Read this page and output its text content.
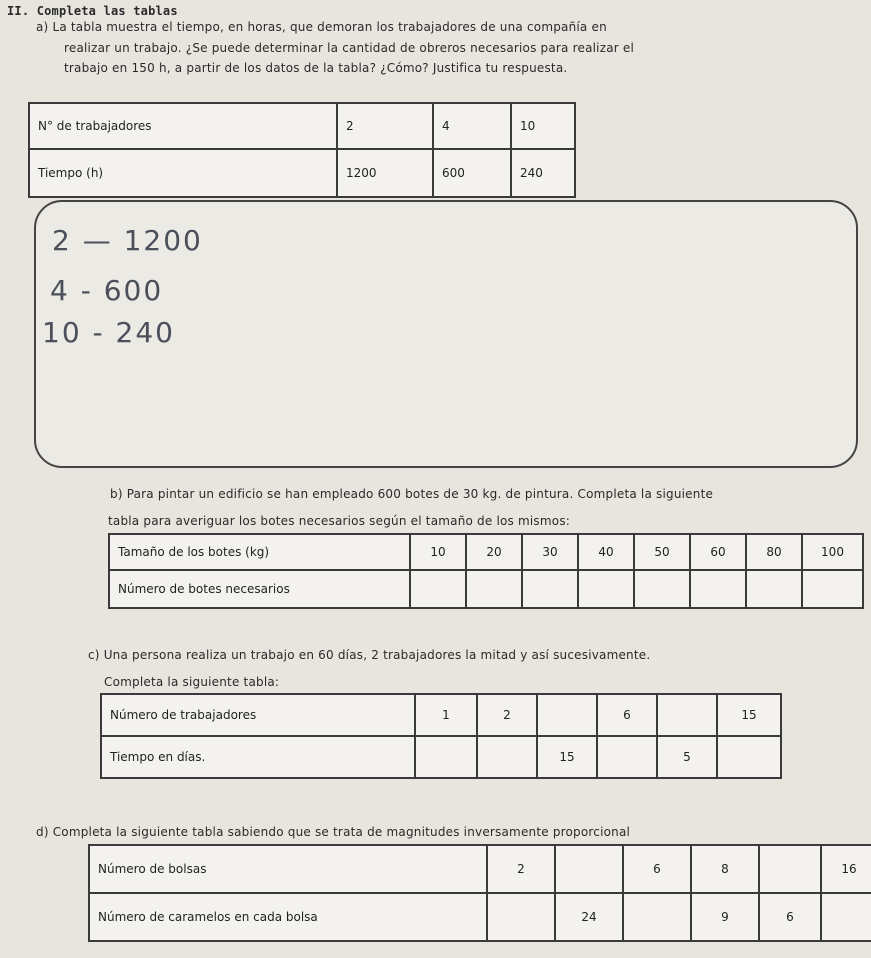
II. Completa las tablas
a) La tabla muestra el tiempo, en horas, que demoran los trabajadores de una compañía en
realizar un trabajo. ¿Se puede determinar la cantidad de obreros necesarios para realizar el
trabajo en 150 h, a partir de los datos de la tabla? ¿Cómo? Justifica tu respuesta.
N° de trabajadores	2	4	10
Tiempo (h)	1200	600	240
2 — 1200
4 - 600
10 - 240
b) Para pintar un edificio se han empleado 600 botes de 30 kg. de pintura. Completa la siguiente
tabla para averiguar los botes necesarios según el tamaño de los mismos:
Tamaño de los botes (kg)	10	20	30	40	50	60	80	100
Número de botes necesarios								
c) Una persona realiza un trabajo en 60 días, 2 trabajadores la mitad y así sucesivamente.
Completa la siguiente tabla:
Número de trabajadores	1	2		6		15
Tiempo en días.			15		5	
d) Completa la siguiente tabla sabiendo que se trata de magnitudes inversamente proporcional
Número de bolsas	2		6	8		16
Número de caramelos en cada bolsa		24		9	6	
